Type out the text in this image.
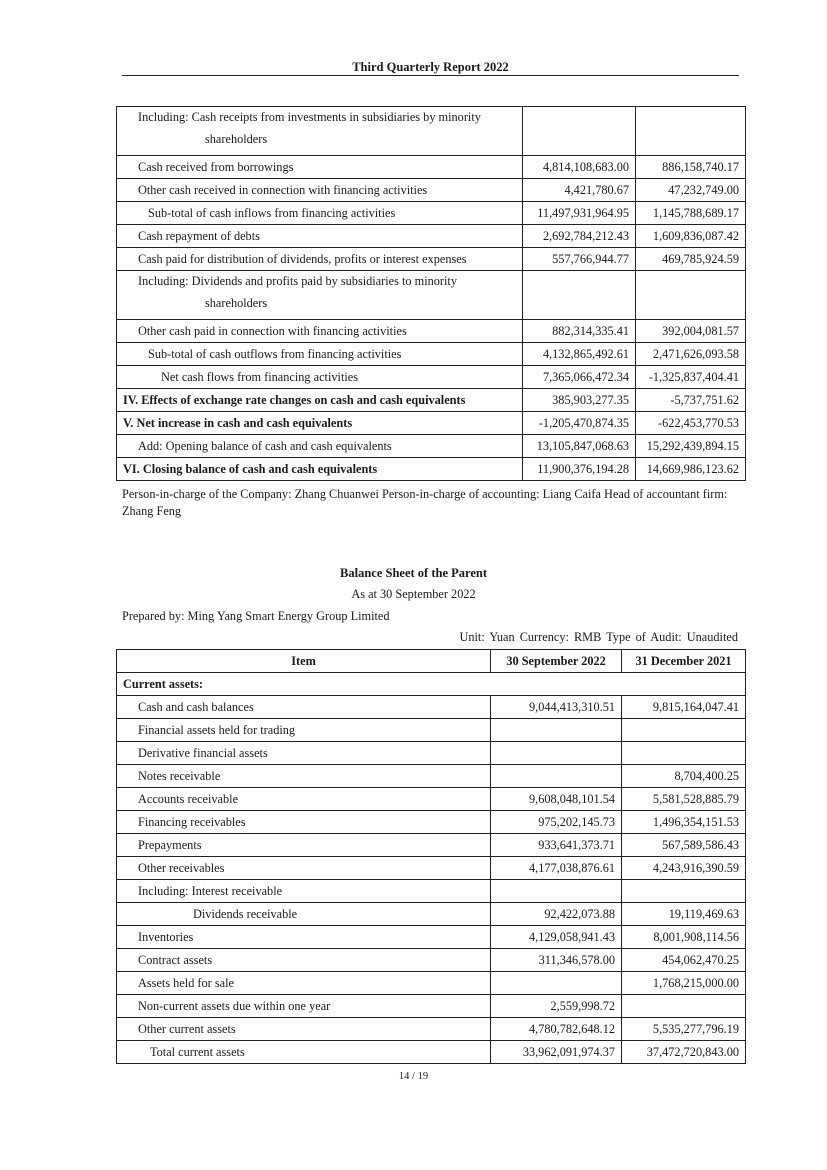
Third Quarterly Report 2022
Including: Cash receipts from investments in subsidiaries by minority
shareholders		

Cash received from borrowings	4,814,108,683.00	886,158,740.17
Other cash received in connection with financing activities	4,421,780.67	47,232,749.00
Sub-total of cash inflows from financing activities	11,497,931,964.95	1,145,788,689.17
Cash repayment of debts	2,692,784,212.43	1,609,836,087.42
Cash paid for distribution of dividends, profits or interest expenses	557,766,944.77	469,785,924.59
Including: Dividends and profits paid by subsidiaries to minority
shareholders		

Other cash paid in connection with financing activities	882,314,335.41	392,004,081.57
Sub-total of cash outflows from financing activities	4,132,865,492.61	2,471,626,093.58
Net cash flows from financing activities	7,365,066,472.34	-1,325,837,404.41
IV. Effects of exchange rate changes on cash and cash equivalents	385,903,277.35	-5,737,751.62
V. Net increase in cash and cash equivalents	-1,205,470,874.35	-622,453,770.53
Add: Opening balance of cash and cash equivalents	13,105,847,068.63	15,292,439,894.15
VI. Closing balance of cash and cash equivalents	11,900,376,194.28	14,669,986,123.62
Person-in-charge of the Company: Zhang Chuanwei Person-in-charge of accounting: Liang Caifa Head of accountant firm: Zhang Feng
Balance Sheet of the Parent
As at 30 September 2022
Prepared by: Ming Yang Smart Energy Group Limited
Unit: Yuan Currency: RMB Type of Audit: Unaudited
Item	30 September 2022	31 December 2021
Current assets:		
Cash and cash balances	9,044,413,310.51	9,815,164,047.41
Financial assets held for trading		
Derivative financial assets		
Notes receivable		8,704,400.25
Accounts receivable	9,608,048,101.54	5,581,528,885.79
Financing receivables	975,202,145.73	1,496,354,151.53
Prepayments	933,641,373.71	567,589,586.43
Other receivables	4,177,038,876.61	4,243,916,390.59
Including: Interest receivable		
Dividends receivable	92,422,073.88	19,119,469.63
Inventories	4,129,058,941.43	8,001,908,114.56
Contract assets	311,346,578.00	454,062,470.25
Assets held for sale		1,768,215,000.00
Non-current assets due within one year	2,559,998.72	
Other current assets	4,780,782,648.12	5,535,277,796.19
Total current assets	33,962,091,974.37	37,472,720,843.00
14 / 19
